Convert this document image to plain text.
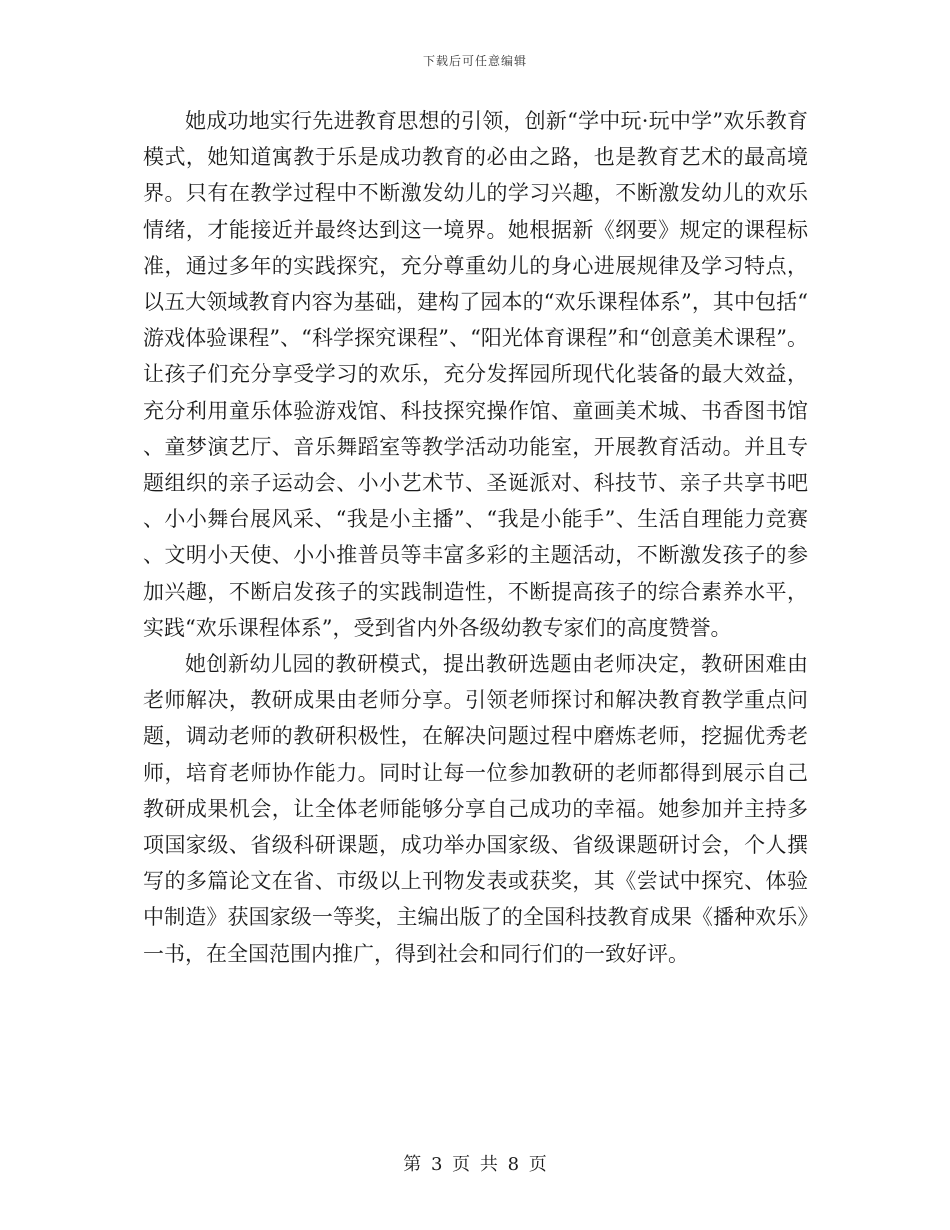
下载后可任意编辑

她成功地实行先进教育思想的引领，创新“学中玩·玩中学”欢乐教育模式，她知道寓教于乐是成功教育的必由之路，也是教育艺术的最高境界。只有在教学过程中不断激发幼儿的学习兴趣，不断激发幼儿的欢乐情绪，才能接近并最终达到这一境界。她根据新《纲要》规定的课程标准，通过多年的实践探究，充分尊重幼儿的身心进展规律及学习特点，以五大领域教育内容为基础，建构了园本的“欢乐课程体系”，其中包括“游戏体验课程”、“科学探究课程”、“阳光体育课程”和“创意美术课程”。让孩子们充分享受学习的欢乐，充分发挥园所现代化装备的最大效益，充分利用童乐体验游戏馆、科技探究操作馆、童画美术城、书香图书馆、童梦演艺厅、音乐舞蹈室等教学活动功能室，开展教育活动。并且专题组织的亲子运动会、小小艺术节、圣诞派对、科技节、亲子共享书吧、小小舞台展风采、“我是小主播”、“我是小能手”、生活自理能力竞赛、文明小天使、小小推普员等丰富多彩的主题活动，不断激发孩子的参加兴趣，不断启发孩子的实践制造性，不断提高孩子的综合素养水平，实践“欢乐课程体系”，受到省内外各级幼教专家们的高度赞誉。

她创新幼儿园的教研模式，提出教研选题由老师决定，教研困难由老师解决，教研成果由老师分享。引领老师探讨和解决教育教学重点问题，调动老师的教研积极性，在解决问题过程中磨炼老师，挖掘优秀老师，培育老师协作能力。同时让每一位参加教研的老师都得到展示自己教研成果机会，让全体老师能够分享自己成功的幸福。她参加并主持多项国家级、省级科研课题，成功举办国家级、省级课题研讨会，个人撰写的多篇论文在省、市级以上刊物发表或获奖，其《尝试中探究、体验中制造》获国家级一等奖，主编出版了的全国科技教育成果《播种欢乐》一书，在全国范围内推广，得到社会和同行们的一致好评。

第 3 页 共 8 页
